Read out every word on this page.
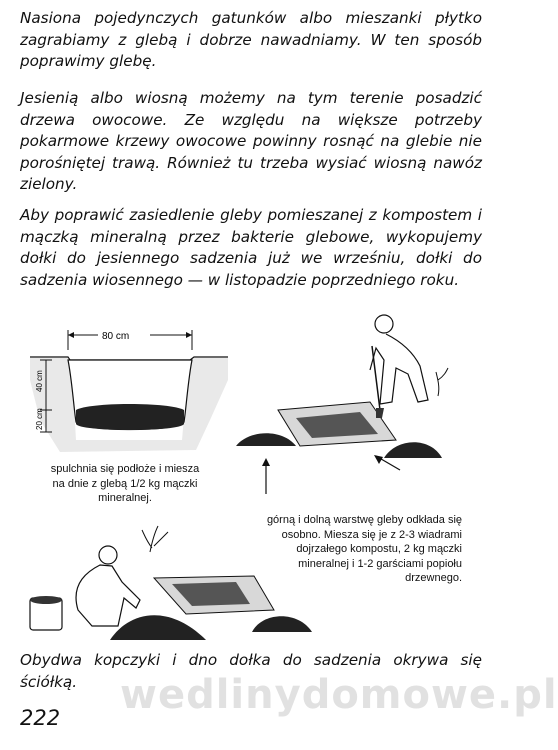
Nasiona pojedynczych gatunków albo mieszanki płytko zagrabiamy z glebą i dobrze nawadniamy. W ten sposób poprawimy glebę.

Jesienią albo wiosną możemy na tym terenie posadzić drzewa owocowe. Ze względu na większe potrzeby pokarmowe krzewy owocowe powinny rosnąć na glebie nie porośniętej trawą. Również tu trzeba wysiać wiosną nawóz zielony.

Aby poprawić zasiedlenie gleby pomieszanej z kompostem i mączką mineralną przez bakterie glebowe, wykopujemy dołki do jesiennego sadzenia już we wrześniu, dołki do sadzenia wiosennego — w listopadzie poprzedniego roku.

80 cm
40 cm
20 cm

spulchnia się podłoże i miesza na dnie z glebą 1/2 kg mączki mineralnej.

górną i dolną warstwę gleby odkłada się osobno. Miesza się je z 2-3 wiadrami dojrzałego kompostu, 2 kg mączki mineralnej i 1-2 garściami popiołu drzewnego.

Obydwa kopczyki i dno dołka do sadzenia okrywa się ściółką.	wedlinydomowe.pl
222
